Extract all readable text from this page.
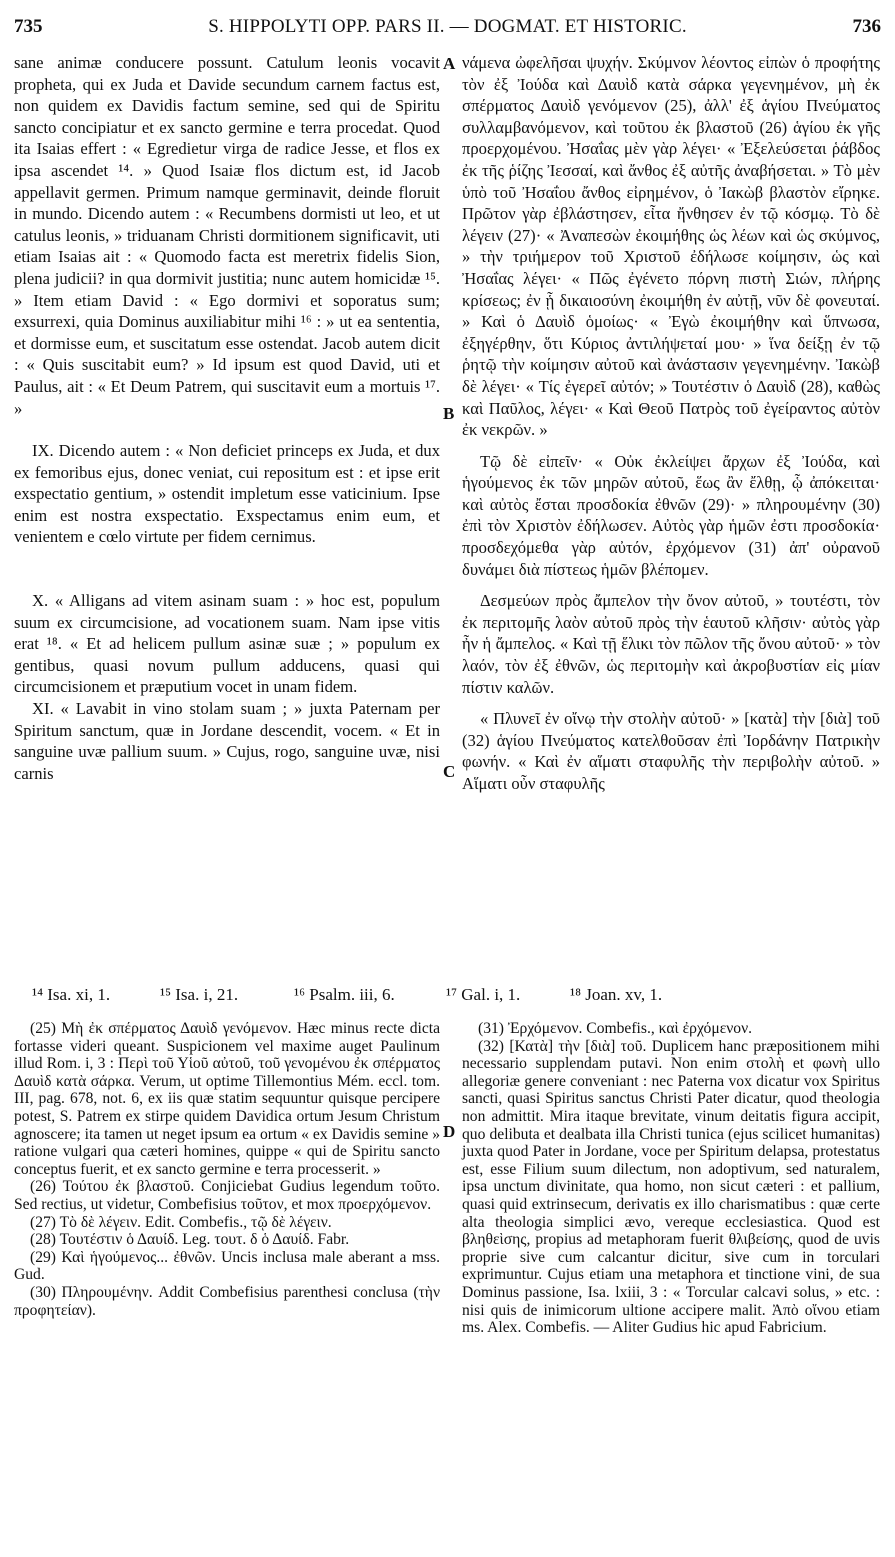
735	S. HIPPOLYTI OPP. PARS II. — DOGMAT. ET HISTORIC.	736

sane animæ conducere possunt. Catulum leonis vocavit propheta, qui ex Juda et Davide secundum carnem factus est, non quidem ex Davidis factum semine, sed qui de Spiritu sancto concipiatur et ex sancto germine e terra procedat. Quod ita Isaias effert : « Egredietur virga de radice Jesse, et flos ex ipsa ascendet ¹⁴. » Quod Isaiæ flos dictum est, id Jacob appellavit germen. Primum namque germinavit, deinde floruit in mundo. Dicendo autem : « Recumbens dormisti ut leo, et ut catulus leonis, » triduanam Christi dormitionem significavit, uti etiam Isaias ait : « Quomodo facta est meretrix fidelis Sion, plena judicii? in qua dormivit justitia; nunc autem homicidæ ¹⁵. » Item etiam David : « Ego dormivi et soporatus sum; exsurrexi, quia Dominus auxiliabitur mihi ¹⁶ : » ut ea sententia, et dormisse eum, et suscitatum esse ostendat. Jacob autem dicit : « Quis suscitabit eum? » Id ipsum est quod David, uti et Paulus, ait : « Et Deum Patrem, qui suscitavit eum a mortuis ¹⁷. »

IX. Dicendo autem : « Non deficiet princeps ex Juda, et dux ex femoribus ejus, donec veniat, cui repositum est : et ipse erit exspectatio gentium, » ostendit impletum esse vaticinium. Ipse enim est nostra exspectatio. Exspectamus enim eum, et venientem e cœlo virtute per fidem cernimus.

X. « Alligans ad vitem asinam suam : » hoc est, populum suum ex circumcisione, ad vocationem suam. Nam ipse vitis erat ¹⁸. « Et ad helicem pullum asinæ suæ ; » populum ex gentibus, quasi novum pullum adducens, quasi qui circumcisionem et præputium vocet in unam fidem.

XI. « Lavabit in vino stolam suam ; » juxta Paternam per Spiritum sanctum, quæ in Jordane descendit, vocem. « Et in sanguine uvæ pallium suum. » Cujus, rogo, sanguine uvæ, nisi carnis

A
B
C

νάμενα ὠφελῆσαι ψυχήν. Σκύμνον λέοντος εἰπὼν ὁ προφήτης τὸν ἐξ Ἰούδα καὶ Δαυὶδ κατὰ σάρκα γεγενημένον, μὴ ἐκ σπέρματος Δαυὶδ γενόμενον (25), ἀλλ' ἐξ ἁγίου Πνεύματος συλλαμβανόμενον, καὶ τοῦτου ἐκ βλαστοῦ (26) ἁγίου ἐκ γῆς προερχομένου. Ἠσαΐας μὲν γὰρ λέγει· « Ἐξελεύσεται ῥάβδος ἐκ τῆς ῥίζης Ἰεσσαί, καὶ ἄνθος ἐξ αὐτῆς ἀναβήσεται. » Τὸ μὲν ὑπὸ τοῦ Ἠσαΐου ἄνθος εἰρημένον, ὁ Ἰακὼβ βλαστὸν εἴρηκε. Πρῶτον γὰρ ἐβλάστησεν, εἶτα ἤνθησεν ἐν τῷ κόσμῳ. Τὸ δὲ λέγειν (27)· « Ἀναπεσὼν ἐκοιμήθης ὡς λέων καὶ ὡς σκύμνος, » τὴν τριήμερον τοῦ Χριστοῦ ἐδήλωσε κοίμησιν, ὡς καὶ Ἠσαΐας λέγει· « Πῶς ἐγένετο πόρνη πιστὴ Σιών, πλήρης κρίσεως; ἐν ᾗ δικαιοσύνη ἐκοιμήθη ἐν αὐτῇ, νῦν δὲ φονευταί. » Καὶ ὁ Δαυὶδ ὁμοίως· « Ἐγὼ ἐκοιμήθην καὶ ὕπνωσα, ἐξηγέρθην, ὅτι Κύριος ἀντιλήψεταί μου· » ἵνα δείξῃ ἐν τῷ ῥητῷ τὴν κοίμησιν αὐτοῦ καὶ ἀνάστασιν γεγενημένην. Ἰακὼβ δὲ λέγει· « Τίς ἐγερεῖ αὐτόν; » Τουτέστιν ὁ Δαυὶδ (28), καθὼς καὶ Παῦλος, λέγει· « Καὶ Θεοῦ Πατρὸς τοῦ ἐγείραντος αὐτὸν ἐκ νεκρῶν. »

Τῷ δὲ εἰπεῖν· « Οὐκ ἐκλείψει ἄρχων ἐξ Ἰούδα, καὶ ἡγούμενος ἐκ τῶν μηρῶν αὐτοῦ, ἕως ἂν ἔλθῃ, ᾧ ἀπόκειται· καὶ αὐτὸς ἔσται προσδοκία ἐθνῶν (29)· » πληρουμένην (30) ἐπὶ τὸν Χριστὸν ἐδήλωσεν. Αὐτὸς γὰρ ἡμῶν ἐστι προσδοκία· προσδεχόμεθα γὰρ αὐτόν, ἐρχόμενον (31) ἀπ' οὐρανοῦ δυνάμει διὰ πίστεως ἡμῶν βλέπομεν.

Δεσμεύων πρὸς ἄμπελον τὴν ὄνον αὐτοῦ, » τουτέστι, τὸν ἐκ περιτομῆς λαὸν αὐτοῦ πρὸς τὴν ἑαυτοῦ κλῆσιν· αὐτὸς γὰρ ἦν ἡ ἄμπελος. « Καὶ τῇ ἕλικι τὸν πῶλον τῆς ὄνου αὐτοῦ· » τὸν λαόν, τὸν ἐξ ἐθνῶν, ὡς περιτομὴν καὶ ἀκροβυστίαν εἰς μίαν πίστιν καλῶν.

« Πλυνεῖ ἐν οἴνῳ τὴν στολὴν αὐτοῦ· » [κατὰ] τὴν [διὰ] τοῦ (32) ἁγίου Πνεύματος κατελθοῦσαν ἐπὶ Ἰορδάνην Πατρικὴν φωνήν. « Καὶ ἐν αἵματι σταφυλῆς τὴν περιβολὴν αὐτοῦ. » Αἵματι οὖν σταφυλῆς

¹⁴ Isa. xi, 1.	¹⁵ Isa. i, 21.	¹⁶ Psalm. iii, 6.	¹⁷ Gal. i, 1.	¹⁸ Joan. xv, 1.

(25) Μὴ ἐκ σπέρματος Δαυὶδ γενόμενον. Hæc minus recte dicta fortasse videri queant. Suspicionem vel maxime auget Paulinum illud Rom. i, 3 : Περὶ τοῦ Υἱοῦ αὐτοῦ, τοῦ γενομένου ἐκ σπέρματος Δαυὶδ κατὰ σάρκα. Verum, ut optime Tillemontius Mém. eccl. tom. III, pag. 678, not. 6, ex iis quæ statim sequuntur quisque percipere potest, S. Patrem ex stirpe quidem Davidica ortum Jesum Christum agnoscere; ita tamen ut neget ipsum ea ortum « ex Davidis semine » ratione vulgari qua cæteri homines, quippe « qui de Spiritu sancto conceptus fuerit, et ex sancto germine e terra processerit. »

(26) Τούτου ἐκ βλαστοῦ. Conjiciebat Gudius legendum τοῦτο. Sed rectius, ut videtur, Combefisius τοῦτον, et mox προερχόμενον.

(27) Τὸ δὲ λέγειν. Edit. Combefis., τῷ δὲ λέγειν.

(28) Τουτέστιν ὁ Δαυίδ. Leg. τουτ. δ ὁ Δαυίδ. Fabr.

(29) Καὶ ἡγούμενος... ἐθνῶν. Uncis inclusa male aberant a mss. Gud.

(30) Πληρουμένην. Addit Combefisius parenthesi conclusa (τὴν προφητείαν).

D

(31) Ἐρχόμενον. Combefis., καὶ ἐρχόμενον.

(32) [Κατὰ] τὴν [διὰ] τοῦ. Duplicem hanc præpositionem mihi necessario supplendam putavi. Non enim στολὴ et φωνὴ ullo allegoriæ genere conveniant : nec Paterna vox dicatur vox Spiritus sancti, quasi Spiritus sanctus Christi Pater dicatur, quod theologia non admittit. Mira itaque brevitate, vinum deitatis figura accipit, quo delibuta et dealbata illa Christi tunica (ejus scilicet humanitas) juxta quod Pater in Jordane, voce per Spiritum delapsa, protestatus est, esse Filium suum dilectum, non adoptivum, sed naturalem, ipsa unctum divinitate, qua homo, non sicut cæteri : et pallium, quasi quid extrinsecum, derivatis ex illo charismatibus : quæ certe alta theologia simplici ævo, vereque ecclesiastica. Quod est βληθεὶσης, propius ad metaphoram fuerit θλιβείσης, quod de uvis proprie sive cum calcantur dicitur, sive cum in torculari exprimuntur. Cujus etiam una metaphora et tinctione vini, de sua Dominus passione, Isa. lxiii, 3 : « Torcular calcavi solus, » etc. : nisi quis de inimicorum ultione accipere malit. Ἀπὸ οἴνου etiam ms. Alex. Combefis. — Aliter Gudius hic apud Fabricium.
